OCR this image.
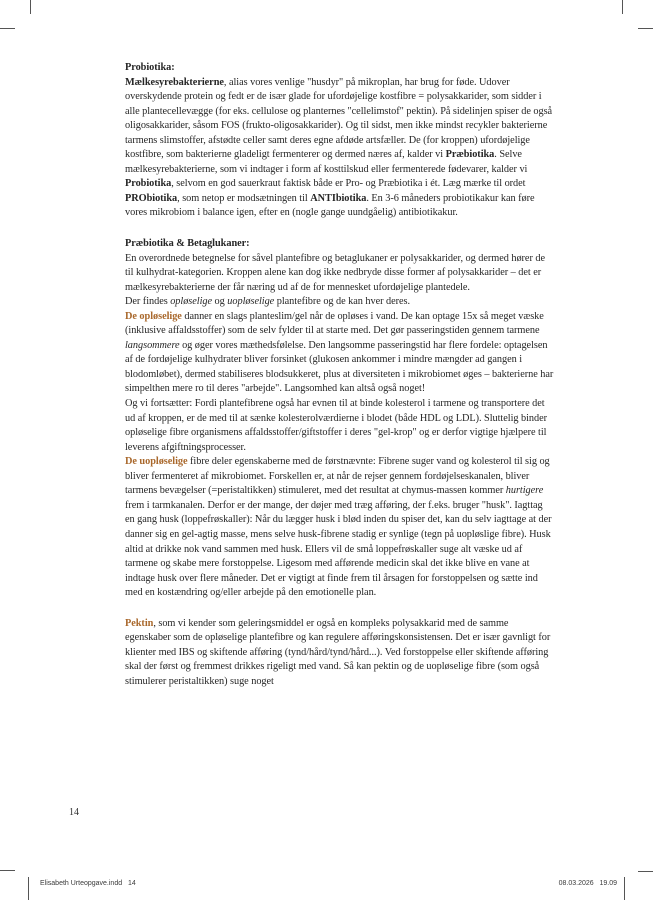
14

Probiotika:

Mælkesyrebakterierne, alias vores venlige "husdyr" på mikroplan, har brug for føde. Udover overskydende protein og fedt er de især glade for ufordøjelige kostfibre = polysakkarider, som sidder i alle plantecellevægge (for eks. cellulose og planternes "cellelimstof" pektin). På sidelinjen spiser de også oligosakkarider, såsom FOS (frukto-oligosakkarider). Og til sidst, men ikke mindst recykler bakterierne tarmens slimstoffer, afstødte celler samt deres egne afdøde artsfæller. De (for kroppen) ufordøjelige kostfibre, som bakterierne gladeligt fermenterer og dermed næres af, kalder vi Præbiotika. Selve mælkesyrebakterierne, som vi indtager i form af kosttilskud eller fermenterede fødevarer, kalder vi Probiotika, selvom en god sauerkraut faktisk både er Pro- og Præbiotika i ét. Læg mærke til ordet PRObiotika, som netop er modsætningen til ANTIbiotika. En 3-6 måneders probiotikakur kan føre vores mikrobiom i balance igen, efter en (nogle gange uundgåelig) antibiotikakur.

Præbiotika & Betaglukaner:

En overordnede betegnelse for såvel plantefibre og betaglukaner er polysakkarider, og dermed hører de til kulhydrat-kategorien. Kroppen alene kan dog ikke nedbryde disse former af polysakkarider – det er mælkesyrebakterierne der får næring ud af de for mennesket ufordøjelige plantedele.

Der findes opløselige og uopløselige plantefibre og de kan hver deres.

De opløselige danner en slags planteslim/gel når de opløses i vand. De kan optage 15x så meget væske (inklusive affaldsstoffer) som de selv fylder til at starte med. Det gør passeringstiden gennem tarmene langsommere og øger vores mæthedsfølelse. Den langsomme passeringstid har flere fordele: optagelsen af de fordøjelige kulhydrater bliver forsinket (glukosen ankommer i mindre mængder ad gangen i blodomløbet), dermed stabiliseres blodsukkeret, plus at diversiteten i mikrobiomet øges – bakterierne har simpelthen mere ro til deres "arbejde". Langsomhed kan altså også noget!

Og vi fortsætter: Fordi plantefibrene også har evnen til at binde kolesterol i tarmene og transportere det ud af kroppen, er de med til at sænke kolesterolværdierne i blodet (både HDL og LDL). Sluttelig binder opløselige fibre organismens affaldsstoffer/giftstoffer i deres "gel-krop" og er derfor vigtige hjælpere til leverens afgiftningsprocesser.

De uopløselige fibre deler egenskaberne med de førstnævnte: Fibrene suger vand og kolesterol til sig og bliver fermenteret af mikrobiomet. Forskellen er, at når de rejser gennem fordøjelseskanalen, bliver tarmens bevægelser (=peristaltikken) stimuleret, med det resultat at chymus-massen kommer hurtigere frem i tarmkanalen. Derfor er der mange, der døjer med træg afføring, der f.eks. bruger "husk". Iagttag en gang husk (loppefrøskaller): Når du lægger husk i blød inden du spiser det, kan du selv iagttage at der danner sig en gel-agtig masse, mens selve husk-fibrene stadig er synlige (tegn på uopløslige fibre). Husk altid at drikke nok vand sammen med husk. Ellers vil de små loppefrøskaller suge alt væske ud af tarmene og skabe mere forstoppelse. Ligesom med afførende medicin skal det ikke blive en vane at indtage husk over flere måneder. Det er vigtigt at finde frem til årsagen for forstoppelsen og sætte ind med en kostændring og/eller arbejde på den emotionelle plan.

Pektin, som vi kender som geleringsmiddel er også en kompleks polysakkarid med de samme egenskaber som de opløselige plantefibre og kan regulere afføringskonsistensen. Det er især gavnligt for klienter med IBS og skiftende afføring (tynd/hård/tynd/hård...). Ved forstoppelse eller skiftende afføring skal der først og fremmest drikkes rigeligt med vand. Så kan pektin og de uopløselige fibre (som også stimulerer peristaltikken) suge noget

Elisabeth Urteopgave.indd   14	08.03.2026   19.09
